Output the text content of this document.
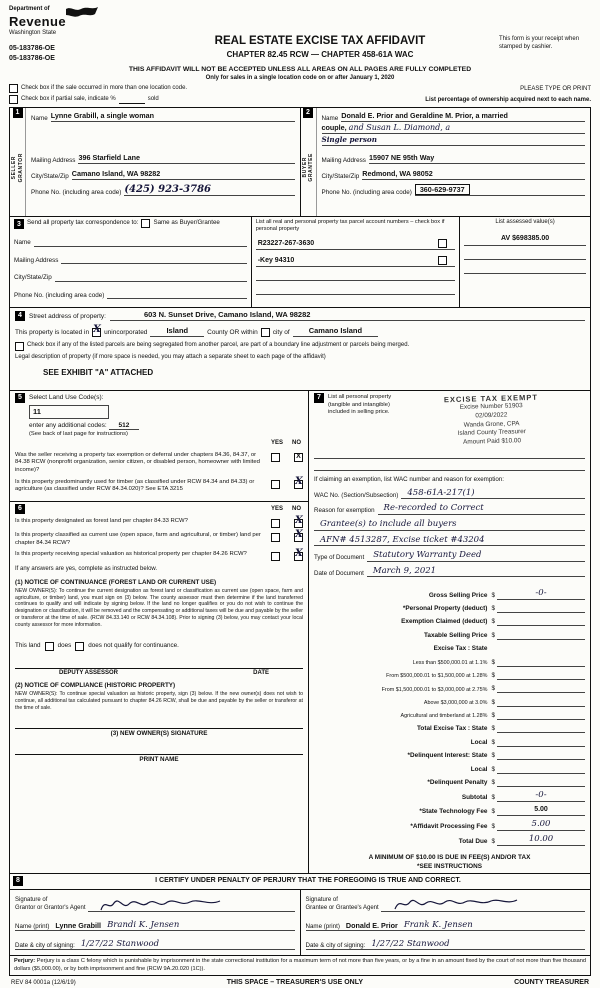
Department of
Revenue
Washington State
05-183786-OE
05-183786-OE
REAL ESTATE EXCISE TAX AFFIDAVIT
CHAPTER 82.45 RCW — CHAPTER 458-61A WAC
This form is your receipt when stamped by cashier.
THIS AFFIDAVIT WILL NOT BE ACCEPTED UNLESS ALL AREAS ON ALL PAGES ARE FULLY COMPLETED
Only for sales in a single location code on or after January 1, 2020
Check box if the sale occurred in more than one location code.	PLEASE TYPE OR PRINT
Check box if partial sale, indicate %	sold	List percentage of ownership acquired next to each name.
1
SELLER GRANTOR
Name Lynne Grabill, a single woman
Mailing Address 396 Starfield Lane
City/State/Zip Camano Island, WA 98282
Phone No. (including area code) (425) 923-3786
2
BUYER GRANTEE
Name Donald E. Prior and Geraldine M. Prior, a married
couple, and Susan L. Diamond, a
Single person
Mailing Address 15907 NE 95th Way
City/State/Zip Redmond, WA 98052
Phone No. (including area code)	360-629-9737
3 Send all property tax correspondence to: Same as Buyer/Grantee
Name
Mailing Address
City/State/Zip
Phone No. (including area code)
List all real and personal property tax parcel account numbers – check box if personal property
R23227-267-3630
-Key 94310
List assessed value(s)
AV $698385.00
4	Street address of property:	603 N. Sunset Drive, Camano Island, WA 98282
This property is located in X unincorporated	Island	County OR within city of	Camano Island
Check box if any of the listed parcels are being segregated from another parcel, are part of a boundary line adjustment or parcels being merged.
Legal description of property (if more space is needed, you may attach a separate sheet to each page of the affidavit)
SEE EXHIBIT "A" ATTACHED
5	Select Land Use Code(s):
11
enter any additional codes: 512
(See back of last page for instructions)
YES NO
Was the seller receiving a property tax exemption or deferral under chapters 84.36, 84.37, or 84.38 RCW (nonprofit organization, senior citizen, or disabled person, homeowner with limited income)?
X
Is this property predominantly used for timber (as classified under RCW 84.34 and 84.33) or agriculture (as classified under RCW 84.34.020)? See ETA 3215
X
6	YES NO
Is this property designated as forest land per chapter 84.33 RCW?	X
Is this property classified as current use (open space, farm and agricultural, or timber) land per chapter 84.34 RCW?
X
Is this property receiving special valuation as historical property per chapter 84.26 RCW?	X
If any answers are yes, complete as instructed below.
(1) NOTICE OF CONTINUANCE (FOREST LAND OR CURRENT USE)
NEW OWNER(S): To continue the current designation as forest land or classification as current use (open space, farm and agriculture, or timber) land, you must sign on (3) below. The county assessor must then determine if the land transferred continues to qualify and will indicate by signing below. If the land no longer qualifies or you do not wish to continue the designation or classification, it will be removed and the compensating or additional taxes will be due and payable by the seller or transferor at the time of sale. (RCW 84.33.140 or RCW 84.34.108). Prior to signing (3) below, you may contact your local county assessor for more information.
This land	does	does not qualify for continuance.
DEPUTY ASSESSOR	DATE
(2) NOTICE OF COMPLIANCE (HISTORIC PROPERTY)
NEW OWNER(S): To continue special valuation as historic property, sign (3) below. If the new owner(s) does not wish to continue, all additional tax calculated pursuant to chapter 84.26 RCW, shall be due and payable by the seller or transferor at the time of sale.
(3) NEW OWNER(S) SIGNATURE
PRINT NAME
7	List all personal property (tangible and intangible) included in selling price.
EXCISE TAX EXEMPT
Excise Number 51903
02/09/2022
Wanda Grone, CPA
Island County Treasurer
Amount Paid $10.00
If claiming an exemption, list WAC number and reason for exemption:
WAC No. (Section/Subsection)	458-61A-217(1)
Reason for exemption	Re-recorded to Correct
Grantee(s) to include all buyers
AFN# 4513287, Excise ticket #43204
Type of Document	Statutory Warranty Deed
Date of Document	March 9, 2021
Gross Selling Price $	-0-
*Personal Property (deduct) $
Exemption Claimed (deduct) $
Taxable Selling Price $
Excise Tax : State
Less than $500,000.01 at 1.1% $
From $500,000.01 to $1,500,000 at 1.28% $
From $1,500,000.01 to $3,000,000 at 2.75% $
Above $3,000,000 at 3.0% $
Agricultural and timberland at 1.28% $
Total Excise Tax : State $
Local $
*Delinquent Interest: State $
Local $
*Delinquent Penalty $
Subtotal $	-0-
*State Technology Fee $	5.00
*Affidavit Processing Fee $	5.00
Total Due $	10.00
A MINIMUM OF $10.00 IS DUE IN FEE(S) AND/OR TAX
*SEE INSTRUCTIONS
8	I CERTIFY UNDER PENALTY OF PERJURY THAT THE FOREGOING IS TRUE AND CORRECT.
Signature of
Grantor or Grantor's Agent
Name (print) Lynne Grabill Brandi K. Jensen
Date & city of signing: 1/27/22 Stanwood
Signature of
Grantee or Grantee's Agent
Name (print) Donald E. Prior Frank K. Jensen
Date & city of signing: 1/27/22 Stanwood
Perjury: Perjury is a class C felony which is punishable by imprisonment in the state correctional institution for a maximum term of not more than five years, or by a fine in an amount fixed by the court of not more than five thousand dollars ($5,000.00), or by both imprisonment and fine (RCW 9A.20.020 (1C)).
REV 84 0001a (12/6/19)	THIS SPACE – TREASURER'S USE ONLY	COUNTY TREASURER
